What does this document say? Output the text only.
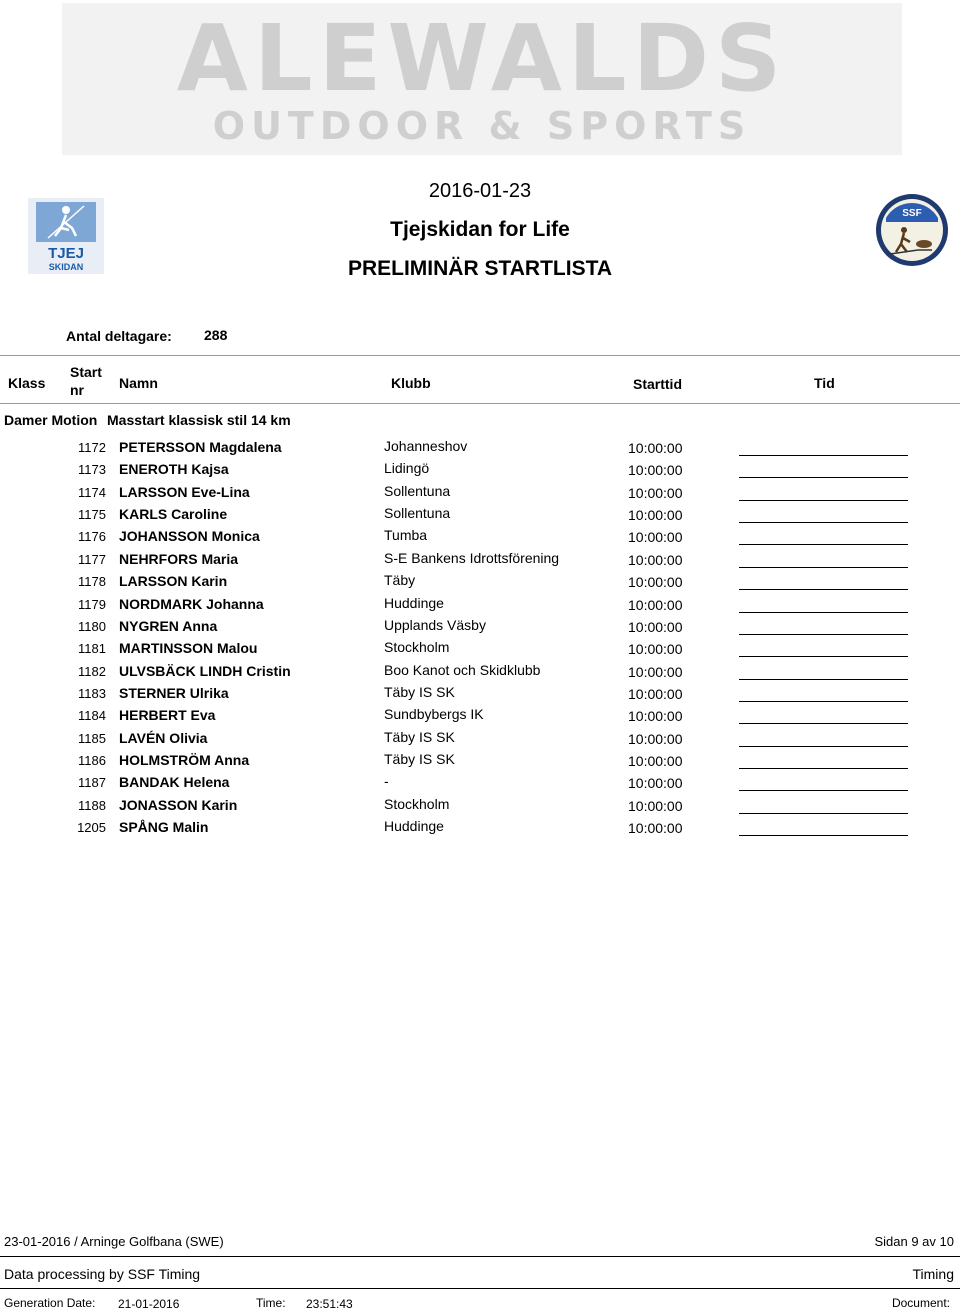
ALEWALDS
OUTDOOR & SPORTS
TJEJ
SKIDAN
SSF
2016-01-23
Tjejskidan for Life
PRELIMINÄR STARTLISTA
Antal deltagare: 288
Klass
Start
nr	Namn	Klubb	Starttid	Tid
Damer Motion Masstart klassisk stil 14 km
1172 PETERSSON Magdalena	Johanneshov	10:00:00
1173 ENEROTH Kajsa	Lidingö	10:00:00
1174 LARSSON Eve-Lina	Sollentuna	10:00:00
1175 KARLS Caroline	Sollentuna	10:00:00
1176 JOHANSSON Monica	Tumba	10:00:00
1177 NEHRFORS Maria	S-E Bankens Idrottsförening	10:00:00
1178 LARSSON Karin	Täby	10:00:00
1179 NORDMARK Johanna	Huddinge	10:00:00
1180 NYGREN Anna	Upplands Väsby	10:00:00
1181 MARTINSSON Malou	Stockholm	10:00:00
1182 ULVSBÄCK LINDH Cristin	Boo Kanot och Skidklubb	10:00:00
1183 STERNER Ulrika	Täby IS SK	10:00:00
1184 HERBERT Eva	Sundbybergs IK	10:00:00
1185 LAVÉN Olivia	Täby IS SK	10:00:00
1186 HOLMSTRÖM Anna	Täby IS SK	10:00:00
1187 BANDAK Helena	-	10:00:00
1188 JONASSON Karin	Stockholm	10:00:00
1205 SPÅNG Malin	Huddinge	10:00:00
23-01-2016 / Arninge Golfbana (SWE)	Sidan 9 av 10
Data processing by SSF Timing	Timing
Generation Date: 21-01-2016	Time: 23:51:43	Document:
